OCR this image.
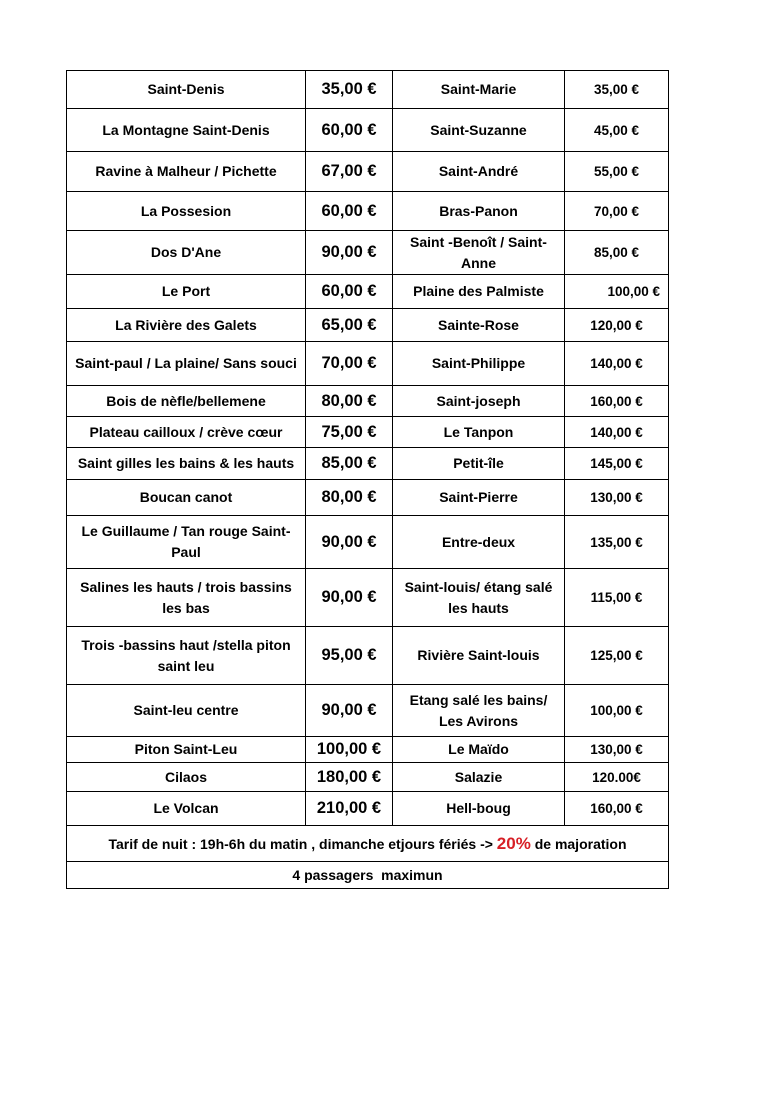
Saint-Denis	35,00 €	Saint-Marie	35,00 €
La Montagne Saint-Denis	60,00 €	Saint-Suzanne	45,00 €
Ravine à Malheur / Pichette	67,00 €	Saint-André	55,00 €
La Possesion	60,00 €	Bras-Panon	70,00 €
Dos D'Ane	90,00 €	Saint -Benoît / Saint-Anne	85,00 €
Le Port	60,00 €	Plaine des Palmiste	100,00 €
La Rivière des Galets	65,00 €	Sainte-Rose	120,00 €
Saint-paul / La plaine/ Sans souci	70,00 €	Saint-Philippe	140,00 €
Bois de nèfle/bellemene	80,00 €	Saint-joseph	160,00 €
Plateau cailloux / crève cœur	75,00 €	Le Tanpon	140,00 €
Saint gilles les bains & les hauts	85,00 €	Petit-île	145,00 €
Boucan canot	80,00 €	Saint-Pierre	130,00 €
Le Guillaume / Tan rouge Saint-Paul	90,00 €	Entre-deux	135,00 €
Salines les hauts / trois bassins les bas	90,00 €	Saint-louis/ étang salé les hauts	115,00 €
Trois -bassins haut /stella piton saint leu	95,00 €	Rivière Saint-louis	125,00 €
Saint-leu centre	90,00 €	Etang salé les bains/ Les Avirons	100,00 €
Piton Saint-Leu	100,00 €	Le Maïdo	130,00 €
Cilaos	180,00 €	Salazie	120.00€
Le Volcan	210,00 €	Hell-boug	160,00 €
Tarif de nuit : 19h-6h du matin , dimanche etjours fériés -> 20% de majoration			
4 passagers  maximun			
